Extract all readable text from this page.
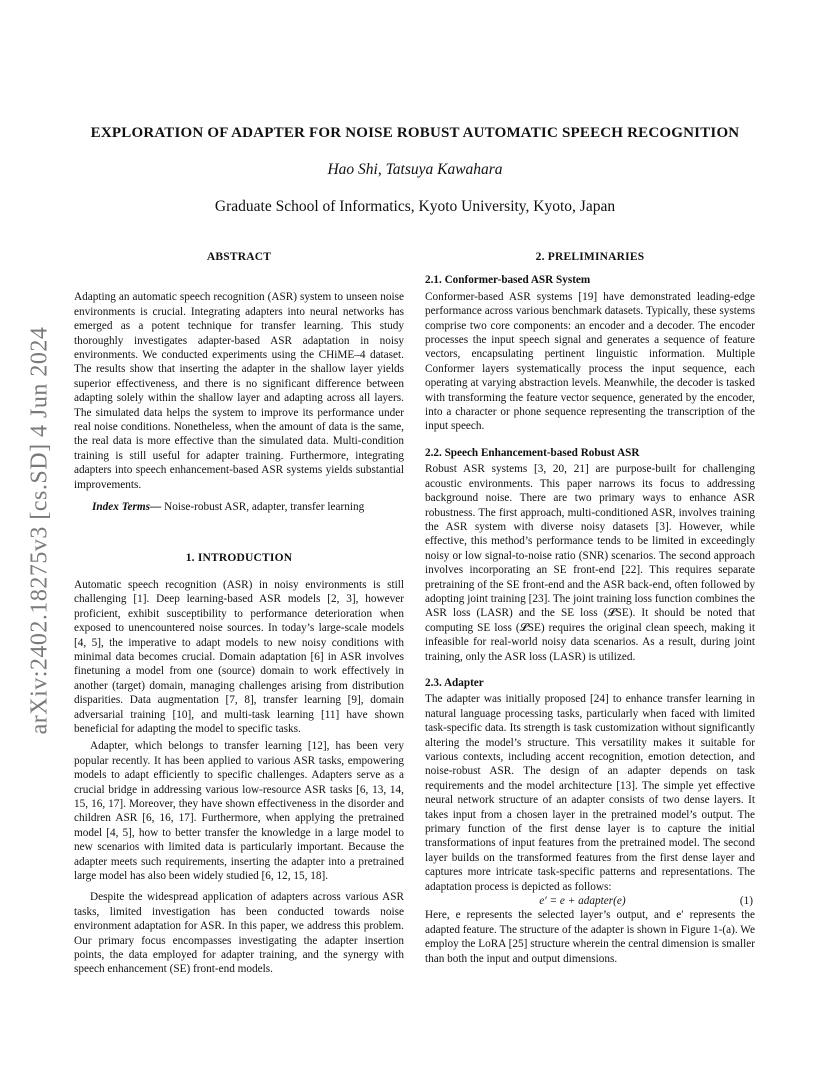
arXiv:2402.18275v3 [cs.SD] 4 Jun 2024
EXPLORATION OF ADAPTER FOR NOISE ROBUST AUTOMATIC SPEECH RECOGNITION
Hao Shi, Tatsuya Kawahara
Graduate School of Informatics, Kyoto University, Kyoto, Japan
ABSTRACT

Adapting an automatic speech recognition (ASR) system to unseen noise environments is crucial. Integrating adapters into neural networks has emerged as a potent technique for transfer learning. This study thoroughly investigates adapter-based ASR adaptation in noisy environments. We conducted experiments using the CHiME–4 dataset. The results show that inserting the adapter in the shallow layer yields superior effectiveness, and there is no significant difference between adapting solely within the shallow layer and adapting across all layers. The simulated data helps the system to improve its performance under real noise conditions. Nonetheless, when the amount of data is the same, the real data is more effective than the simulated data. Multi-condition training is still useful for adapter training. Furthermore, integrating adapters into speech enhancement-based ASR systems yields substantial improvements.

Index Terms— Noise-robust ASR, adapter, transfer learning

1. INTRODUCTION

Automatic speech recognition (ASR) in noisy environments is still challenging [1]. Deep learning-based ASR models [2, 3], however proficient, exhibit susceptibility to performance deterioration when exposed to unencountered noise sources. In today’s large-scale models [4, 5], the imperative to adapt models to new noisy conditions with minimal data becomes crucial. Domain adaptation [6] in ASR involves finetuning a model from one (source) domain to work effectively in another (target) domain, managing challenges arising from distribution disparities. Data augmentation [7, 8], transfer learning [9], domain adversarial training [10], and multi-task learning [11] have shown beneficial for adapting the model to specific tasks.

Adapter, which belongs to transfer learning [12], has been very popular recently. It has been applied to various ASR tasks, empowering models to adapt efficiently to specific challenges. Adapters serve as a crucial bridge in addressing various low-resource ASR tasks [6, 13, 14, 15, 16, 17]. Moreover, they have shown effectiveness in the disorder and children ASR [6, 16, 17]. Furthermore, when applying the pretrained model [4, 5], how to better transfer the knowledge in a large model to new scenarios with limited data is particularly important. Because the adapter meets such requirements, inserting the adapter into a pretrained large model has also been widely studied [6, 12, 15, 18].

Despite the widespread application of adapters across various ASR tasks, limited investigation has been conducted towards noise environment adaptation for ASR. In this paper, we address this problem. Our primary focus encompasses investigating the adapter insertion points, the data employed for adapter training, and the synergy with speech enhancement (SE) front-end models.

2. PRELIMINARIES
2.1. Conformer-based ASR System

Conformer-based ASR systems [19] have demonstrated leading-edge performance across various benchmark datasets. Typically, these systems comprise two core components: an encoder and a decoder. The encoder processes the input speech signal and generates a sequence of feature vectors, encapsulating pertinent linguistic information. Multiple Conformer layers systematically process the input sequence, each operating at varying abstraction levels. Meanwhile, the decoder is tasked with transforming the feature vector sequence, generated by the encoder, into a character or phone sequence representing the transcription of the input speech.

2.2. Speech Enhancement-based Robust ASR

Robust ASR systems [3, 20, 21] are purpose-built for challenging acoustic environments. This paper narrows its focus to addressing background noise. There are two primary ways to enhance ASR robustness. The first approach, multi-conditioned ASR, involves training the ASR system with diverse noisy datasets [3]. However, while effective, this method’s performance tends to be limited in exceedingly noisy or low signal-to-noise ratio (SNR) scenarios. The second approach involves incorporating an SE front-end [22]. This requires separate pretraining of the SE front-end and the ASR back-end, often followed by adopting joint training [23]. The joint training loss function combines the ASR loss (LASR) and the SE loss (𝓛SE). It should be noted that computing SE loss (𝓛SE) requires the original clean speech, making it infeasible for real-world noisy data scenarios. As a result, during joint training, only the ASR loss (LASR) is utilized.

2.3. Adapter

The adapter was initially proposed [24] to enhance transfer learning in natural language processing tasks, particularly when faced with limited task-specific data. Its strength is task customization without significantly altering the model’s structure. This versatility makes it suitable for various contexts, including accent recognition, emotion detection, and noise-robust ASR. The design of an adapter depends on task requirements and the model architecture [13]. The simple yet effective neural network structure of an adapter consists of two dense layers. It takes input from a chosen layer in the pretrained model’s output. The primary function of the first dense layer is to capture the initial transformations of input features from the pretrained model. The second layer builds on the transformed features from the first dense layer and captures more intricate task-specific patterns and representations. The adaptation process is depicted as follows:

e′ = e + adapter(e)	(1)

Here, e represents the selected layer’s output, and e′ represents the adapted feature. The structure of the adapter is shown in Figure 1-(a). We employ the LoRA [25] structure wherein the central dimension is smaller than both the input and output dimensions.
